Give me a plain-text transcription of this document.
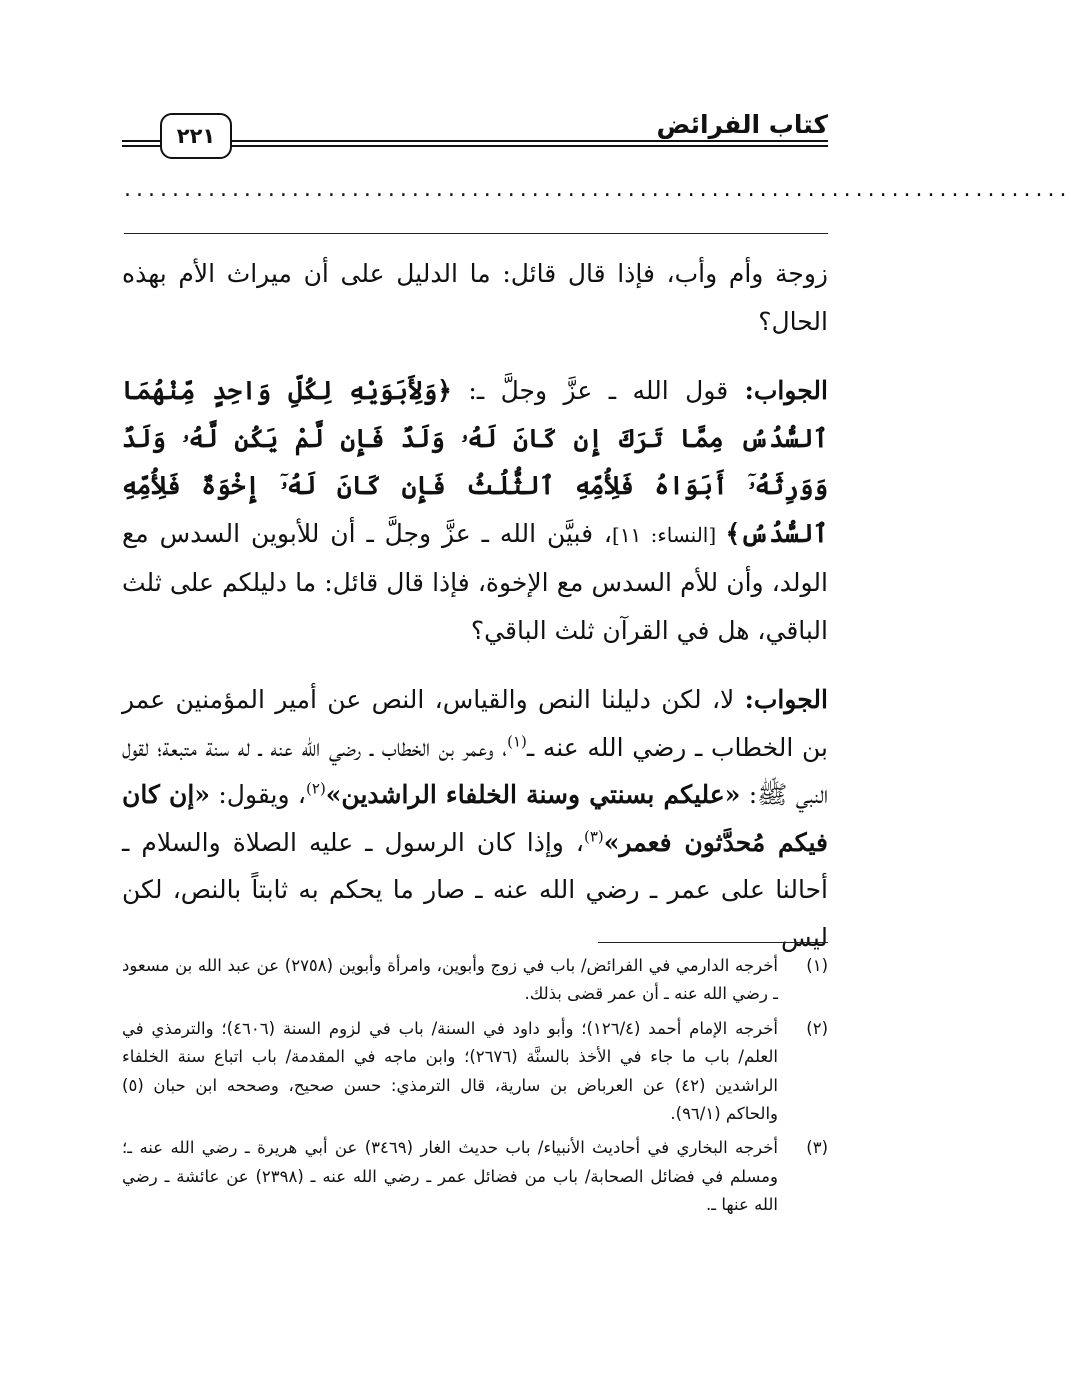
كتاب الفرائض
٢٢١
...............................................................................

زوجة وأم وأب، فإذا قال قائل: ما الدليل على أن ميراث الأم بهذه الحال؟

الجواب: قول الله ـ عزَّ وجلَّ ـ: ﴿وَلِأَبَوَيْهِ لِكُلِّ وَاحِدٍ مِّنْهُمَا ٱلسُّدُسُ مِمَّا تَرَكَ إِن كَانَ لَهُۥ وَلَدٌ فَإِن لَّمْ يَكُن لَّهُۥ وَلَدٌ وَوَرِثَهُۥٓ أَبَوَاهُ فَلِأُمِّهِ ٱلثُّلُثُ فَإِن كَانَ لَهُۥٓ إِخْوَةٌ فَلِأُمِّهِ ٱلسُّدُسُ﴾ [النساء: ١١]، فبيَّن الله ـ عزَّ وجلَّ ـ أن للأبوين السدس مع الولد، وأن للأم السدس مع الإخوة، فإذا قال قائل: ما دليلكم على ثلث الباقي، هل في القرآن ثلث الباقي؟

الجواب: لا، لكن دليلنا النص والقياس، النص عن أمير المؤمنين عمر بن الخطاب ـ رضي الله عنه ـ$^{(١)}$، وعمر بن الخطاب ـ رضي الله عنه ـ له سنة متبعة؛ لقول النبي ﷺ: «عليكم بسنتي وسنة الخلفاء الراشدين»$^{(٢)}$، ويقول: «إن كان فيكم مُحدَّثون فعمر»$^{(٣)}$، وإذا كان الرسول ـ عليه الصلاة والسلام ـ أحالنا على عمر ـ رضي الله عنه ـ صار ما يحكم به ثابتاً بالنص، لكن ليس

(١)
أخرجه الدارمي في الفرائض/ باب في زوج وأبوين، وامرأة وأبوين (٢٧٥٨) عن عبد الله بن مسعود ـ رضي الله عنه ـ أن عمر قضى بذلك.
(٢)
أخرجه الإمام أحمد (١٢٦/٤)؛ وأبو داود في السنة/ باب في لزوم السنة (٤٦٠٦)؛ والترمذي في العلم/ باب ما جاء في الأخذ بالسنَّة (٢٦٧٦)؛ وابن ماجه في المقدمة/ باب اتباع سنة الخلفاء الراشدين (٤٢) عن العرباض بن سارية، قال الترمذي: حسن صحيح، وصححه ابن حبان (٥) والحاكم (٩٦/١).
(٣)
أخرجه البخاري في أحاديث الأنبياء/ باب حديث الغار (٣٤٦٩) عن أبي هريرة ـ رضي الله عنه ـ؛ ومسلم في فضائل الصحابة/ باب من فضائل عمر ـ رضي الله عنه ـ (٢٣٩٨) عن عائشة ـ رضي الله عنها ـ.
